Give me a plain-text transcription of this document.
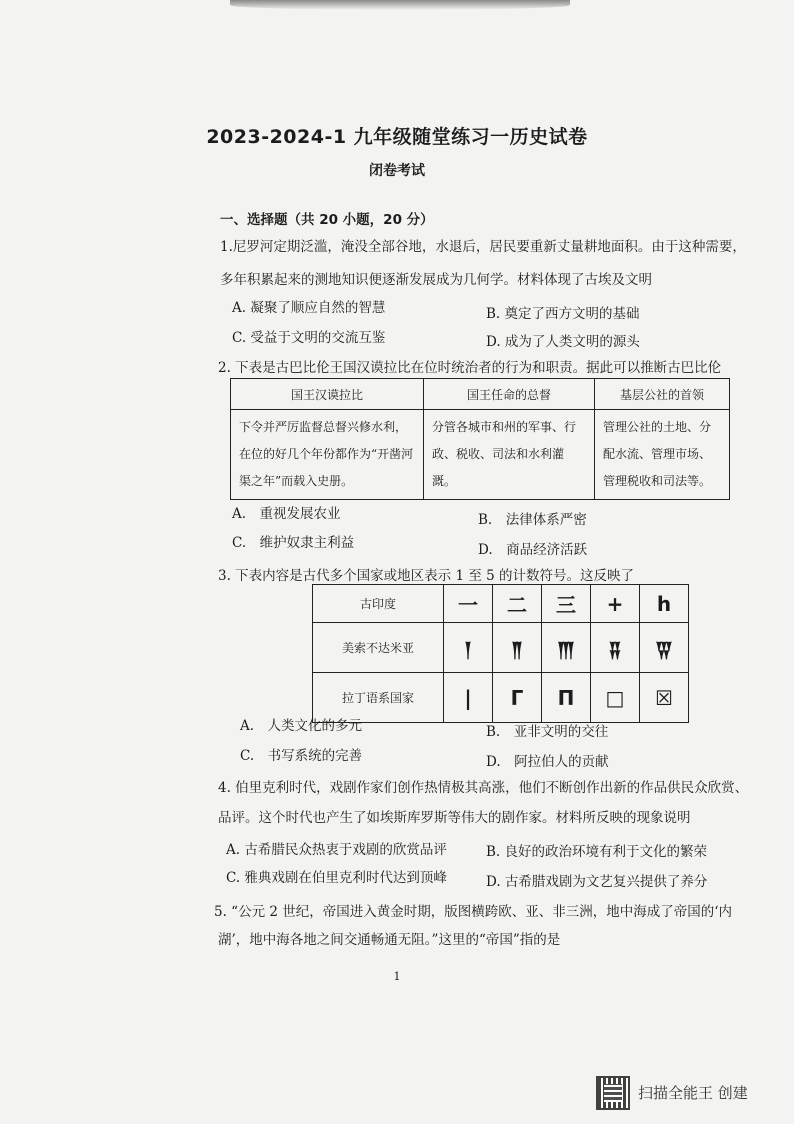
2023-2024-1 九年级随堂练习一历史试卷
闭卷考试
一、选择题（共 20 小题，20 分）
1.尼罗河定期泛滥，淹没全部谷地，水退后，居民要重新丈量耕地面积。由于这种需要，
多年积累起来的测地知识便逐渐发展成为几何学。材料体现了古埃及文明
A. 凝聚了顺应自然的智慧	B. 奠定了西方文明的基础
C. 受益于文明的交流互鉴	D. 成为了人类文明的源头
2. 下表是古巴比伦王国汉谟拉比在位时统治者的行为和职责。据此可以推断古巴比伦
国王汉谟拉比	国王任命的总督	基层公社的首领
下令并严厉监督总督兴修水利，在位的好几个年份都作为“开凿河渠之年”而载入史册。	分管各城市和州的军事、行政、税收、司法和水利灌溉。	管理公社的土地、分配水流、管理市场、管理税收和司法等。
A.　重视发展农业	B.　法律体系严密
C.　维护奴隶主利益	D.　商品经济活跃
3. 下表内容是古代多个国家或地区表示 1 至 5 的计数符号。这反映了
古印度	一	二	三	+	h
美索不达米亚	𒁹	𒈫	𒐈	𒐉	𒐊
拉丁语系国家	|	Γ	Π	□	☒
A.　人类文化的多元	B.　亚非文明的交往
C.　书写系统的完善	D.　阿拉伯人的贡献
4. 伯里克利时代，戏剧作家们创作热情极其高涨，他们不断创作出新的作品供民众欣赏、
品评。这个时代也产生了如埃斯库罗斯等伟大的剧作家。材料所反映的现象说明
A. 古希腊民众热衷于戏剧的欣赏品评	B. 良好的政治环境有利于文化的繁荣
C. 雅典戏剧在伯里克利时代达到顶峰	D. 古希腊戏剧为文艺复兴提供了养分
5. “公元 2 世纪，帝国进入黄金时期，版图横跨欧、亚、非三洲，地中海成了帝国的‘内
湖’，地中海各地之间交通畅通无阻。”这里的“帝国”指的是
1
扫描全能王 创建
